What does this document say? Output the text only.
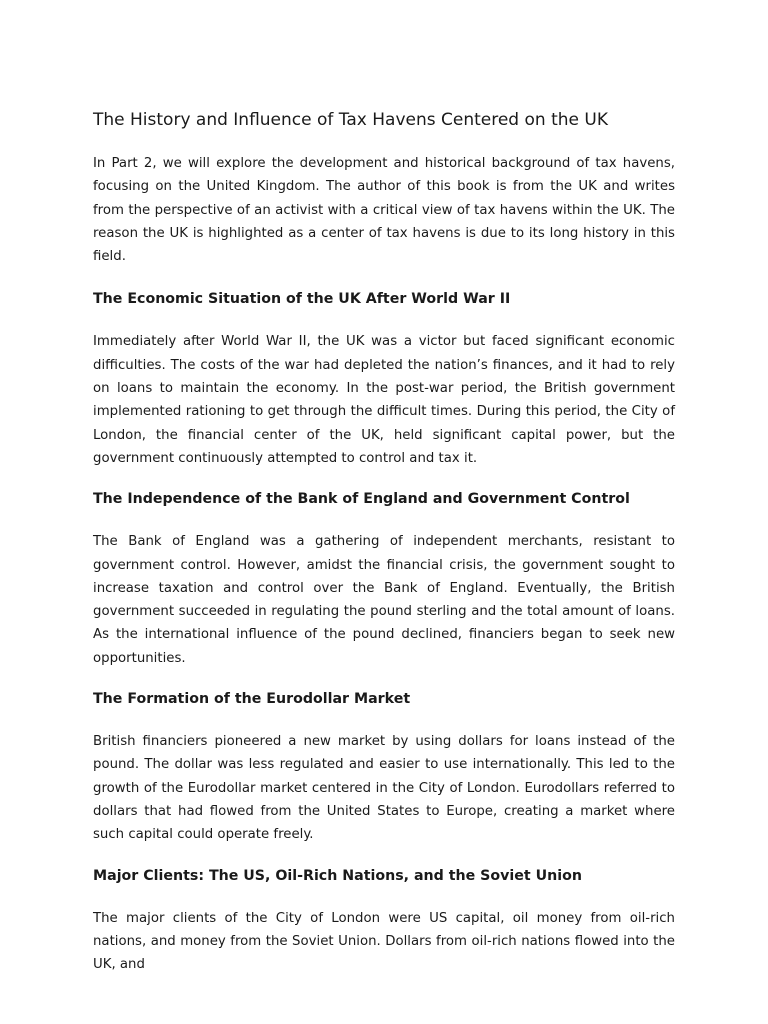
The History and Influence of Tax Havens Centered on the UK

In Part 2, we will explore the development and historical background of tax havens, focusing on the United Kingdom. The author of this book is from the UK and writes from the perspective of an activist with a critical view of tax havens within the UK. The reason the UK is highlighted as a center of tax havens is due to its long history in this field.

The Economic Situation of the UK After World War II

Immediately after World War II, the UK was a victor but faced significant economic difficulties. The costs of the war had depleted the nation’s finances, and it had to rely on loans to maintain the economy. In the post-war period, the British government implemented rationing to get through the difficult times. During this period, the City of London, the financial center of the UK, held significant capital power, but the government continuously attempted to control and tax it.

The Independence of the Bank of England and Government Control

The Bank of England was a gathering of independent merchants, resistant to government control. However, amidst the financial crisis, the government sought to increase taxation and control over the Bank of England. Eventually, the British government succeeded in regulating the pound sterling and the total amount of loans. As the international influence of the pound declined, financiers began to seek new opportunities.

The Formation of the Eurodollar Market

British financiers pioneered a new market by using dollars for loans instead of the pound. The dollar was less regulated and easier to use internationally. This led to the growth of the Eurodollar market centered in the City of London. Eurodollars referred to dollars that had flowed from the United States to Europe, creating a market where such capital could operate freely.

Major Clients: The US, Oil-Rich Nations, and the Soviet Union

The major clients of the City of London were US capital, oil money from oil-rich nations, and money from the Soviet Union. Dollars from oil-rich nations flowed into the UK, and
